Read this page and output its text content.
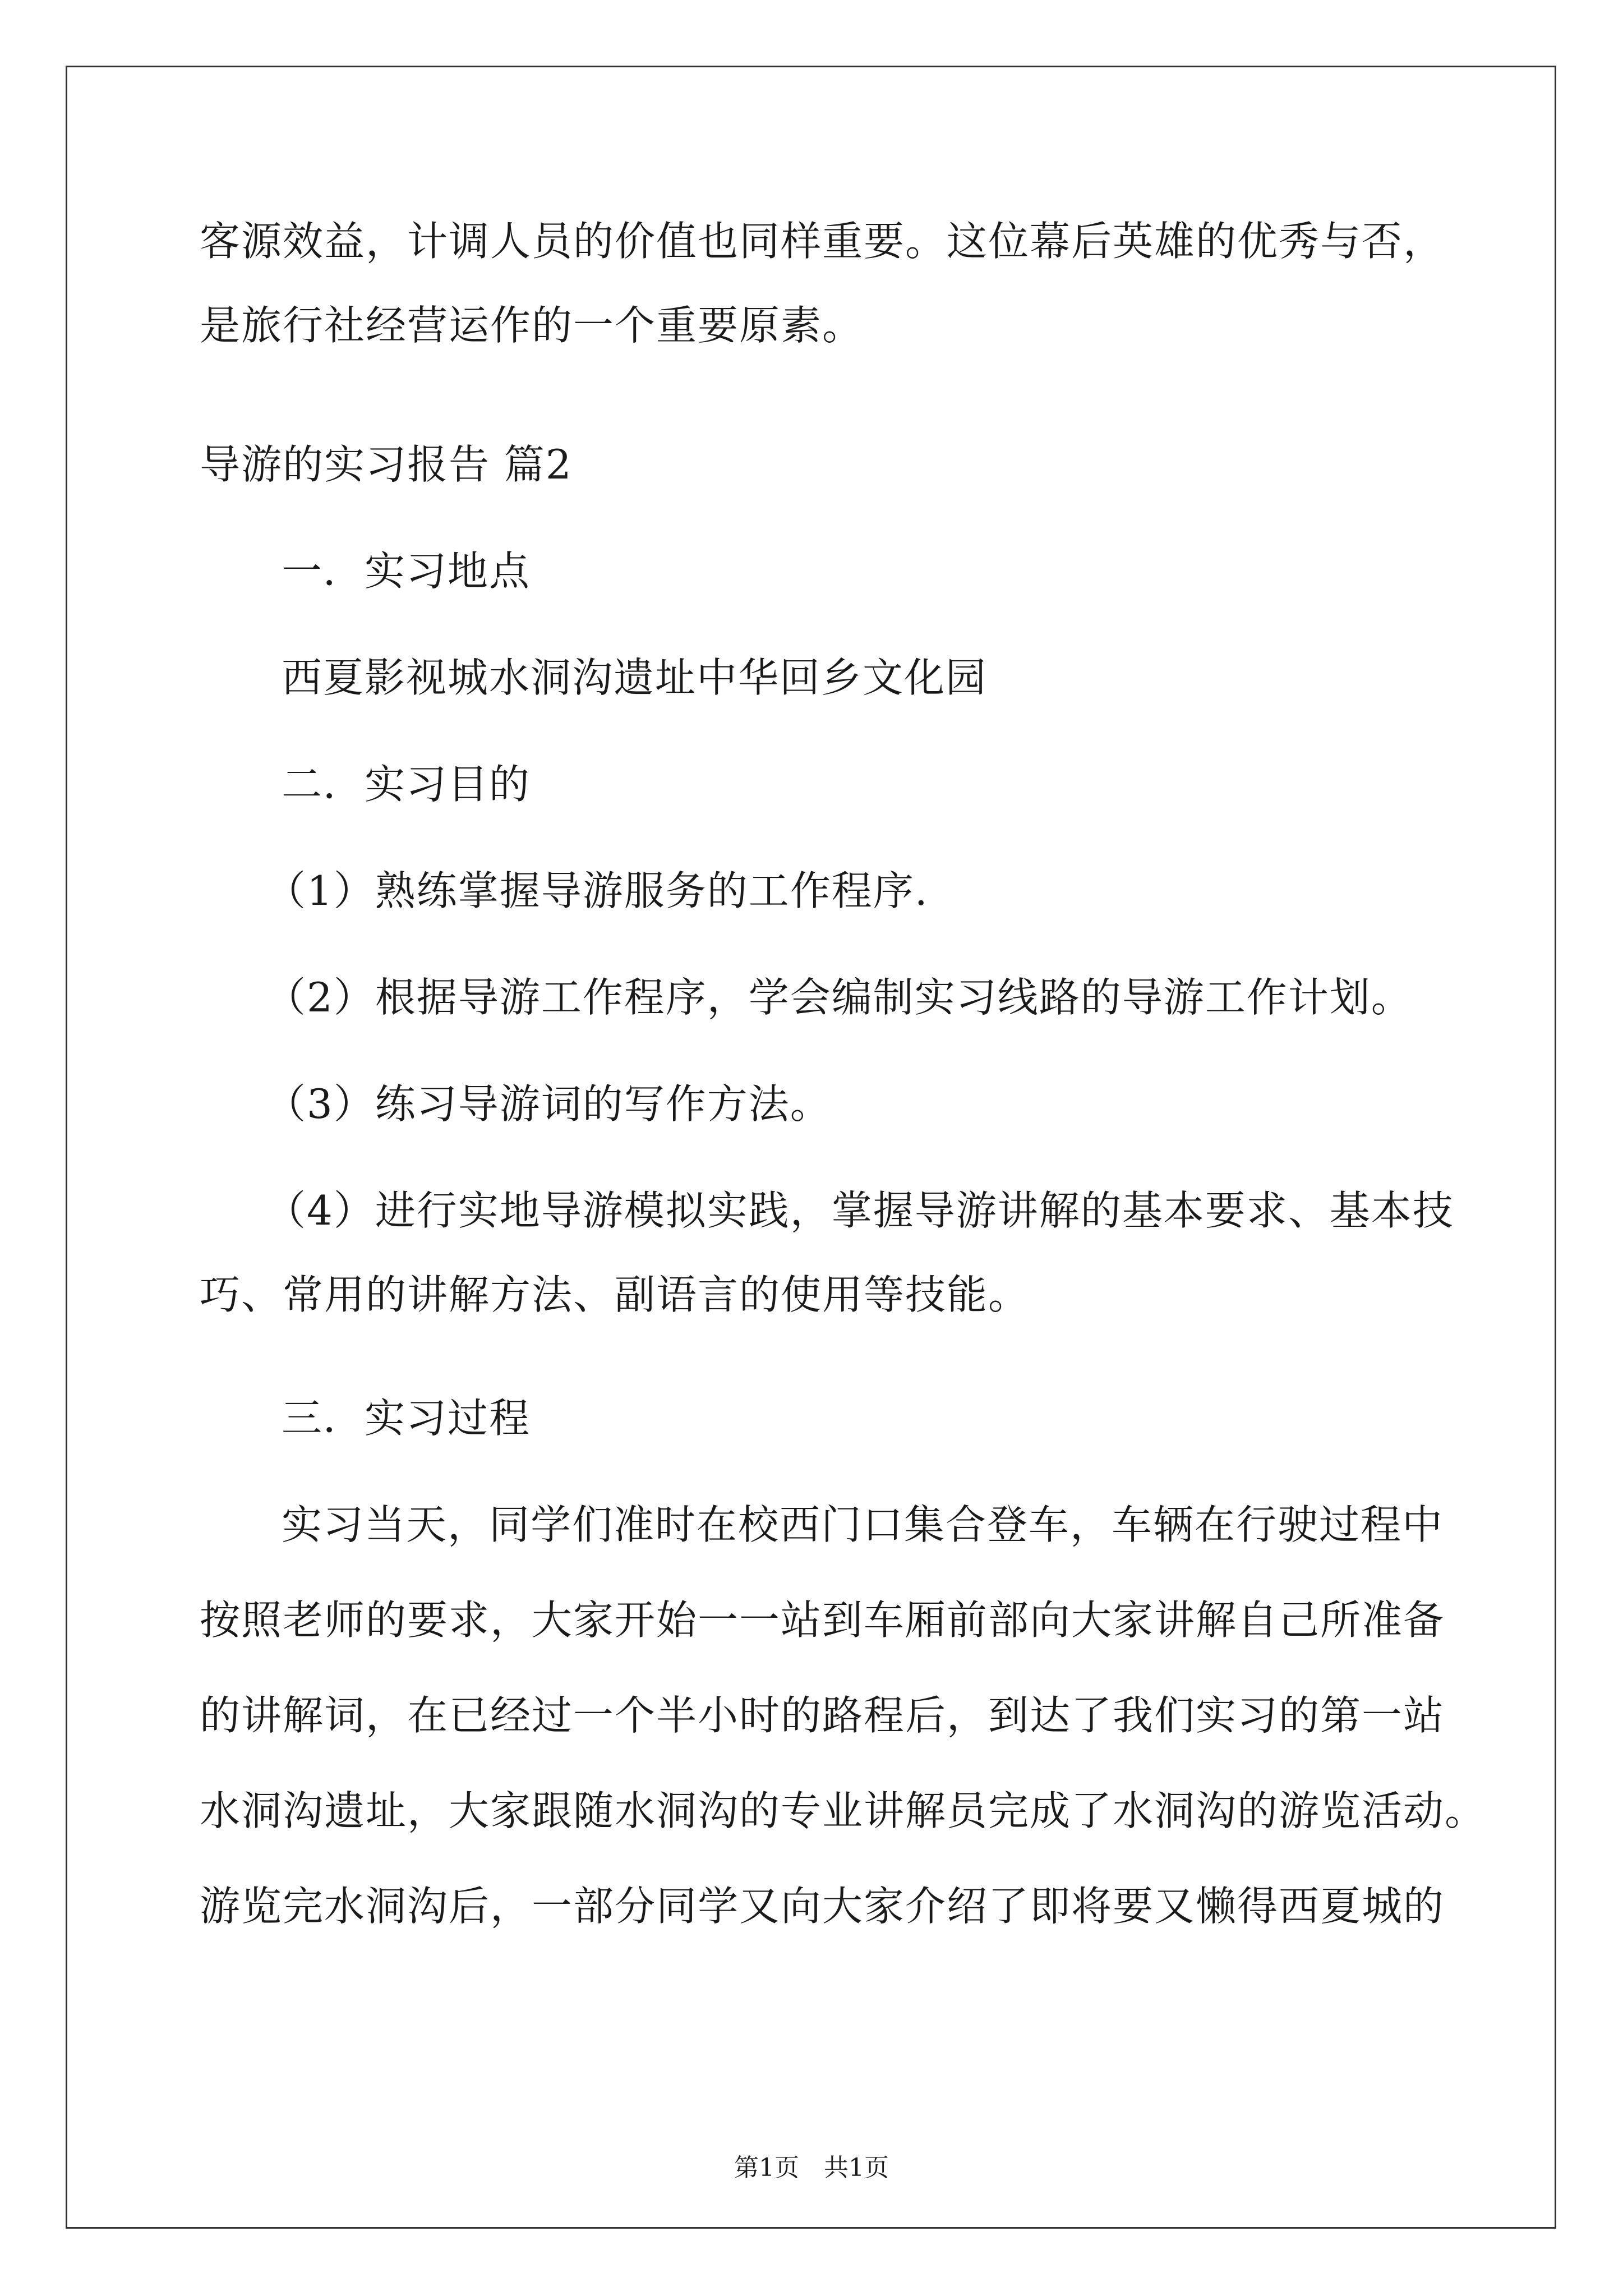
客源效益，计调人员的价值也同样重要。这位幕后英雄的优秀与否，
是旅行社经营运作的一个重要原素。
导游的实习报告 篇2
一．实习地点
西夏影视城水洞沟遗址中华回乡文化园
二．实习目的
（1）熟练掌握导游服务的工作程序.
（2）根据导游工作程序，学会编制实习线路的导游工作计划。
（3）练习导游词的写作方法。
（4）进行实地导游模拟实践，掌握导游讲解的基本要求、基本技
巧、常用的讲解方法、副语言的使用等技能。
三．实习过程
实习当天，同学们准时在校西门口集合登车，车辆在行驶过程中
按照老师的要求，大家开始一一站到车厢前部向大家讲解自己所准备
的讲解词，在已经过一个半小时的路程后，到达了我们实习的第一站
水洞沟遗址，大家跟随水洞沟的专业讲解员完成了水洞沟的游览活动。
游览完水洞沟后，一部分同学又向大家介绍了即将要又懒得西夏城的
第1页　共1页
